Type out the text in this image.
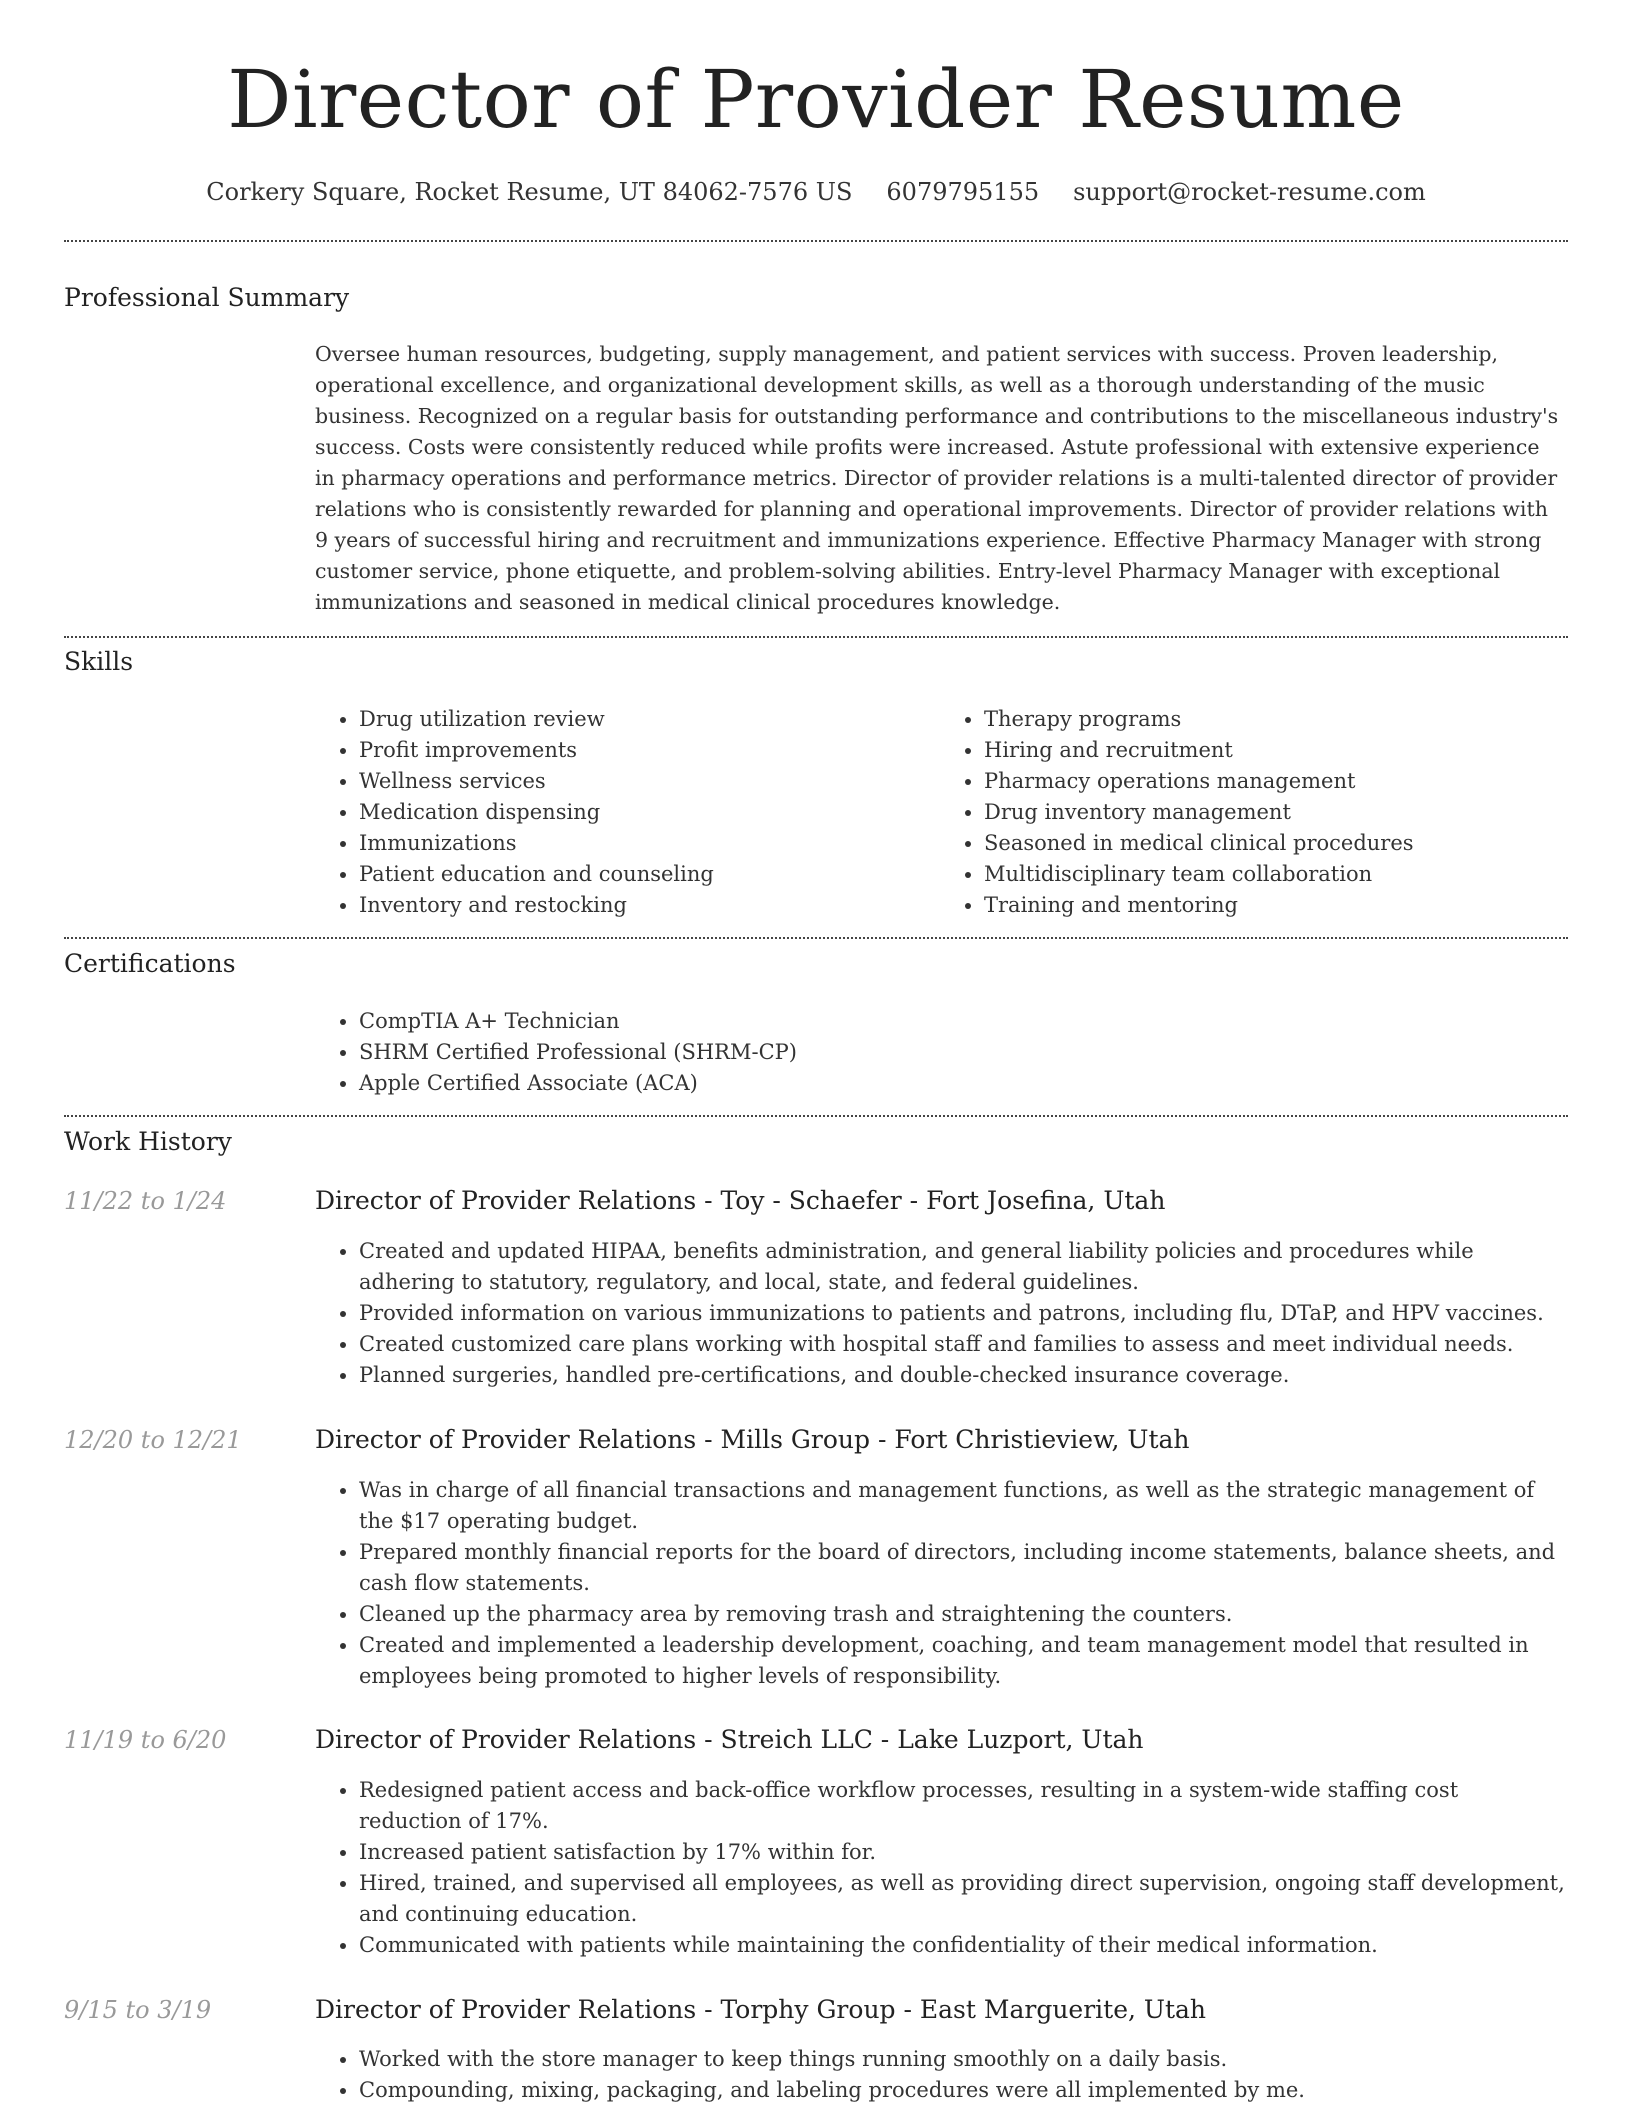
Director of Provider Resume
Corkery Square, Rocket Resume, UT 84062-7576 US 6079795155 support@rocket-resume.com
Professional Summary

Oversee human resources, budgeting, supply management, and patient services with success. Proven leadership, operational excellence, and organizational development skills, as well as a thorough understanding of the music business. Recognized on a regular basis for outstanding performance and contributions to the miscellaneous industry's success. Costs were consistently reduced while profits were increased. Astute professional with extensive experience in pharmacy operations and performance metrics. Director of provider relations is a multi-talented director of provider relations who is consistently rewarded for planning and operational improvements. Director of provider relations with 9 years of successful hiring and recruitment and immunizations experience. Effective Pharmacy Manager with strong customer service, phone etiquette, and problem-solving abilities. Entry-level Pharmacy Manager with exceptional immunizations and seasoned in medical clinical procedures knowledge.

Skills
• Drug utilization review
• Profit improvements
• Wellness services
• Medication dispensing
• Immunizations
• Patient education and counseling
• Inventory and restocking
• Therapy programs
• Hiring and recruitment
• Pharmacy operations management
• Drug inventory management
• Seasoned in medical clinical procedures
• Multidisciplinary team collaboration
• Training and mentoring
Certifications
• CompTIA A+ Technician
• SHRM Certified Professional (SHRM-CP)
• Apple Certified Associate (ACA)
Work History
11/22 to 1/24	Director of Provider Relations - Toy - Schaefer - Fort Josefina, Utah
• Created and updated HIPAA, benefits administration, and general liability policies and procedures while adhering to statutory, regulatory, and local, state, and federal guidelines.
• Provided information on various immunizations to patients and patrons, including flu, DTaP, and HPV vaccines.
• Created customized care plans working with hospital staff and families to assess and meet individual needs.
• Planned surgeries, handled pre-certifications, and double-checked insurance coverage.
12/20 to 12/21	Director of Provider Relations - Mills Group - Fort Christieview, Utah
• Was in charge of all financial transactions and management functions, as well as the strategic management of the $17 operating budget.
• Prepared monthly financial reports for the board of directors, including income statements, balance sheets, and cash flow statements.
• Cleaned up the pharmacy area by removing trash and straightening the counters.
• Created and implemented a leadership development, coaching, and team management model that resulted in employees being promoted to higher levels of responsibility.
11/19 to 6/20	Director of Provider Relations - Streich LLC - Lake Luzport, Utah
• Redesigned patient access and back-office workflow processes, resulting in a system-wide staffing cost reduction of 17%.
• Increased patient satisfaction by 17% within for.
• Hired, trained, and supervised all employees, as well as providing direct supervision, ongoing staff development, and continuing education.
• Communicated with patients while maintaining the confidentiality of their medical information.
9/15 to 3/19	Director of Provider Relations - Torphy Group - East Marguerite, Utah
• Worked with the store manager to keep things running smoothly on a daily basis.
• Compounding, mixing, packaging, and labeling procedures were all implemented by me.
